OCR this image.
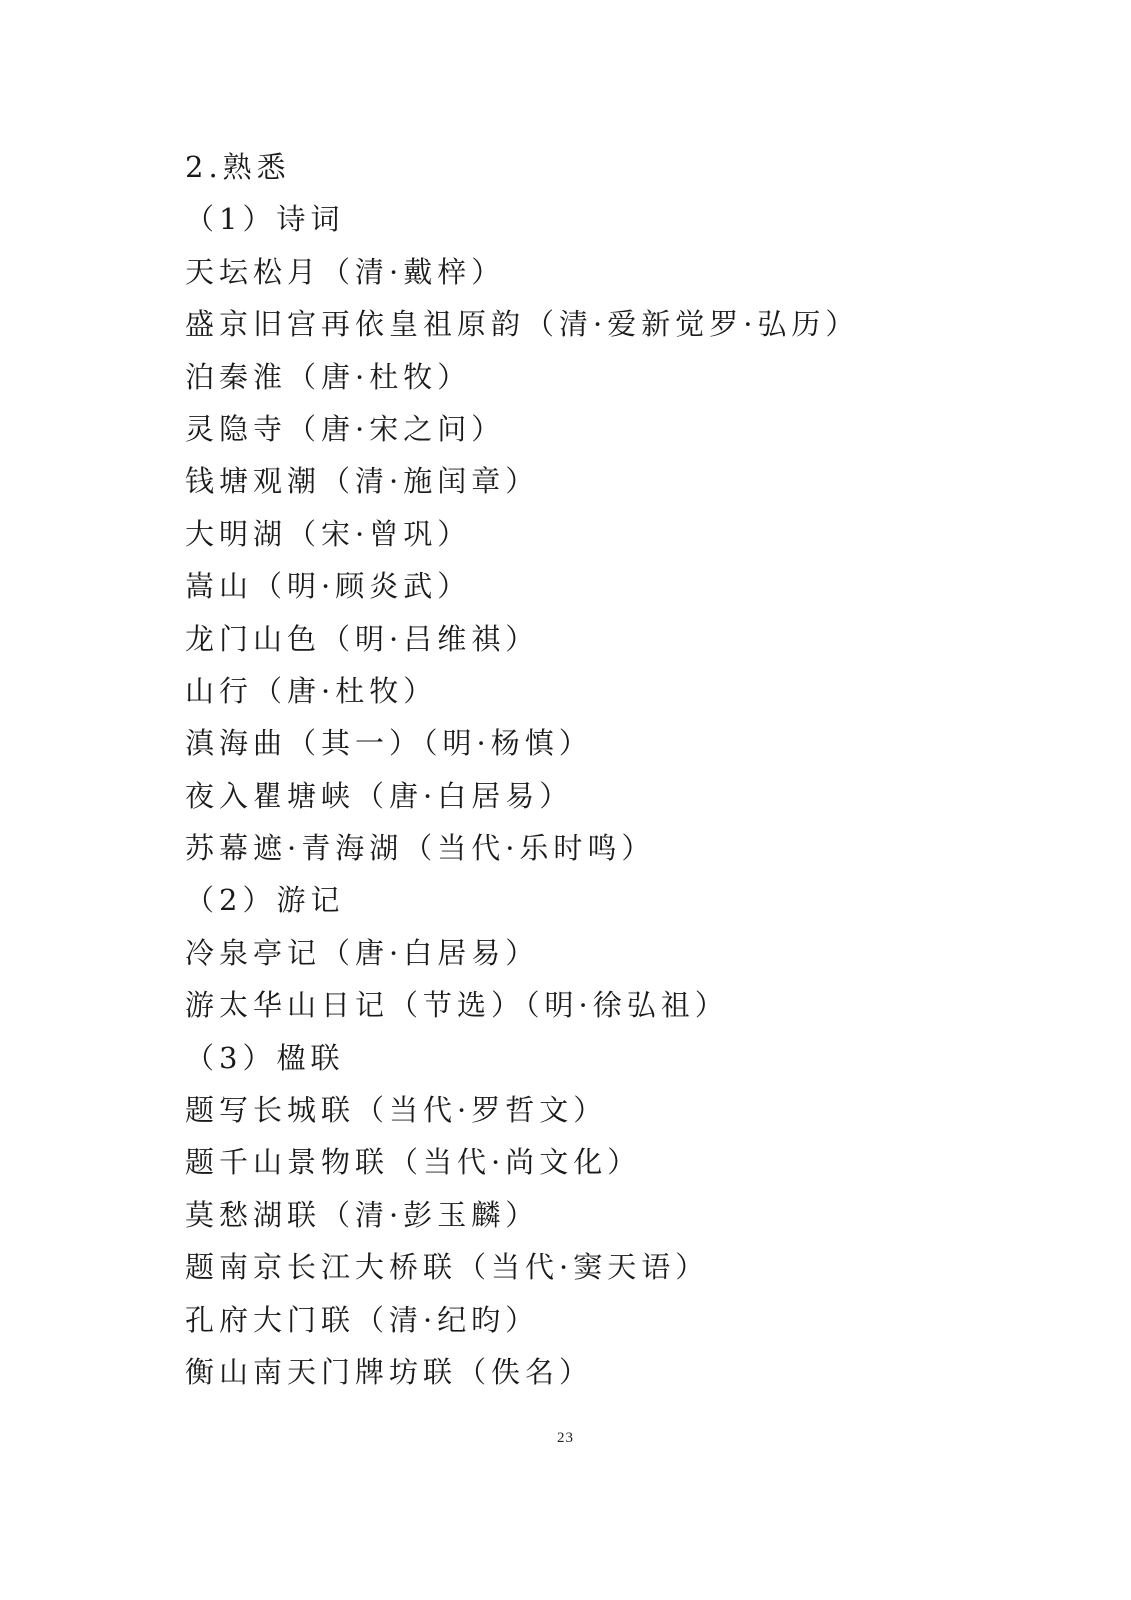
2.熟悉
（1）诗词
天坛松月（清·戴梓）
盛京旧宫再依皇祖原韵（清·爱新觉罗·弘历）
泊秦淮（唐·杜牧）
灵隐寺（唐·宋之问）
钱塘观潮（清·施闰章）
大明湖（宋·曾巩）
嵩山（明·顾炎武）
龙门山色（明·吕维祺）
山行（唐·杜牧）
滇海曲（其一）（明·杨慎）
夜入瞿塘峡（唐·白居易）
苏幕遮·青海湖（当代·乐时鸣）
（2）游记
冷泉亭记（唐·白居易）
游太华山日记（节选）（明·徐弘祖）
（3）楹联
题写长城联（当代·罗哲文）
题千山景物联（当代·尚文化）
莫愁湖联（清·彭玉麟）
题南京长江大桥联（当代·窦天语）
孔府大门联（清·纪昀）
衡山南天门牌坊联（佚名）
23
